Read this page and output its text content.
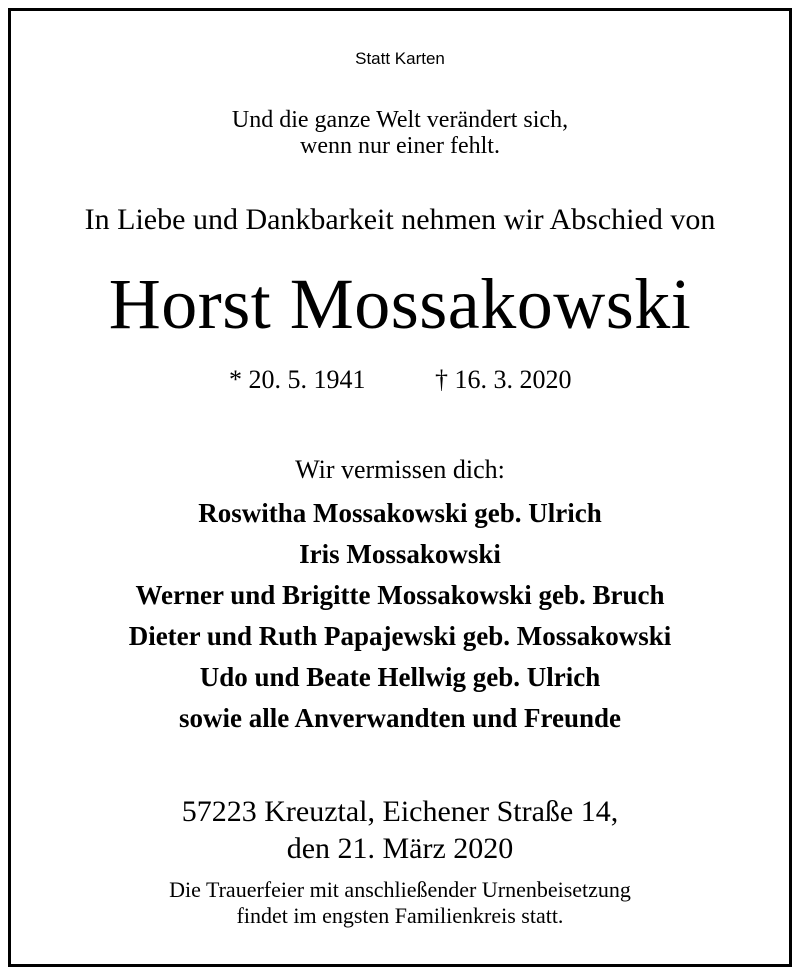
Statt Karten
Und die ganze Welt verändert sich,
wenn nur einer fehlt.
In Liebe und Dankbarkeit nehmen wir Abschied von
Horst Mossakowski
* 20. 5. 1941	† 16. 3. 2020
Wir vermissen dich:
Roswitha Mossakowski geb. Ulrich
Iris Mossakowski
Werner und Brigitte Mossakowski geb. Bruch
Dieter und Ruth Papajewski geb. Mossakowski
Udo und Beate Hellwig geb. Ulrich
sowie alle Anverwandten und Freunde
57223 Kreuztal, Eichener Straße 14,
den 21. März 2020
Die Trauerfeier mit anschließender Urnenbeisetzung
findet im engsten Familienkreis statt.
